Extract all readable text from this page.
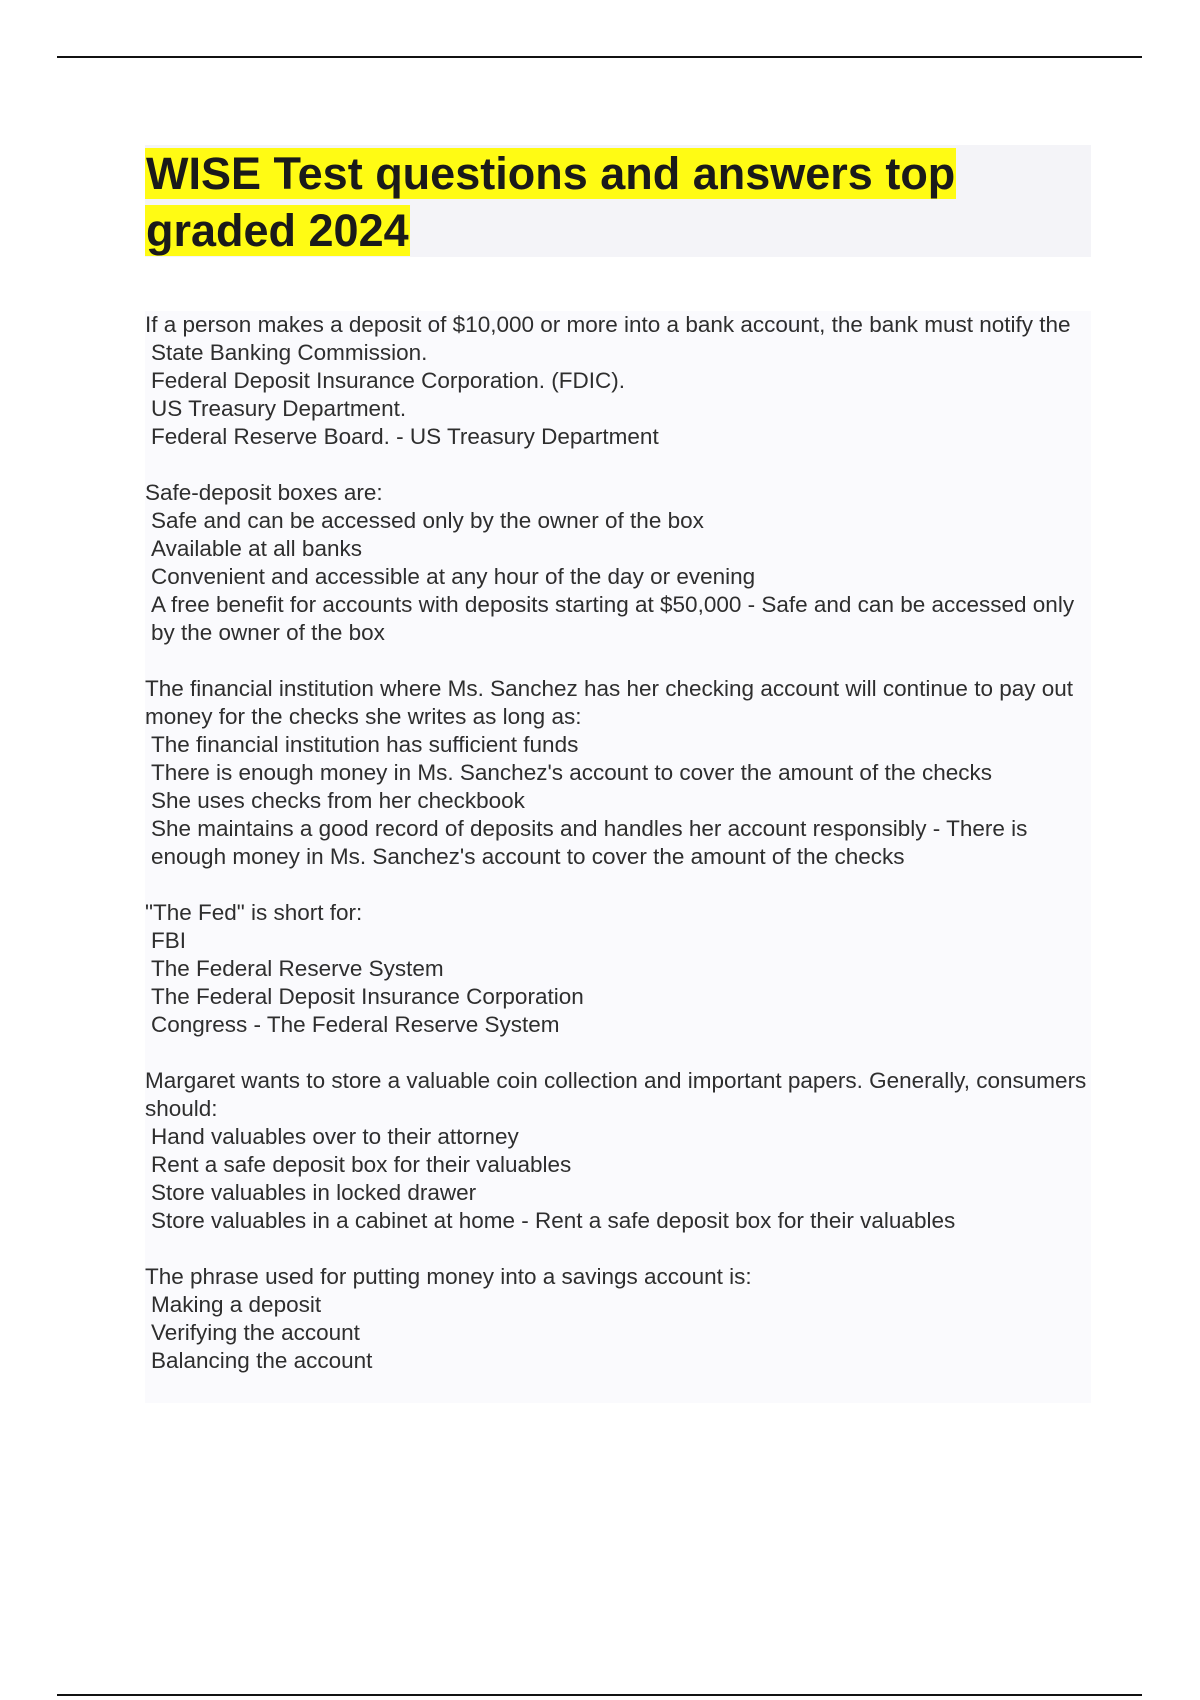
WISE Test questions and answers top graded 2024
If a person makes a deposit of $10,000 or more into a bank account, the bank must notify the
State Banking Commission.
Federal Deposit Insurance Corporation. (FDIC).
US Treasury Department.
Federal Reserve Board. - US Treasury Department
Safe-deposit boxes are:
Safe and can be accessed only by the owner of the box
Available at all banks
Convenient and accessible at any hour of the day or evening
A free benefit for accounts with deposits starting at $50,000 - Safe and can be accessed only by the owner of the box
The financial institution where Ms. Sanchez has her checking account will continue to pay out
money for the checks she writes as long as:
The financial institution has sufficient funds
There is enough money in Ms. Sanchez's account to cover the amount of the checks
She uses checks from her checkbook
She maintains a good record of deposits and handles her account responsibly - There is enough money in Ms. Sanchez's account to cover the amount of the checks
"The Fed" is short for:
FBI
The Federal Reserve System
The Federal Deposit Insurance Corporation
Congress - The Federal Reserve System
Margaret wants to store a valuable coin collection and important papers. Generally, consumers should:
Hand valuables over to their attorney
Rent a safe deposit box for their valuables
Store valuables in locked drawer
Store valuables in a cabinet at home - Rent a safe deposit box for their valuables
The phrase used for putting money into a savings account is:
Making a deposit
Verifying the account
Balancing the account
